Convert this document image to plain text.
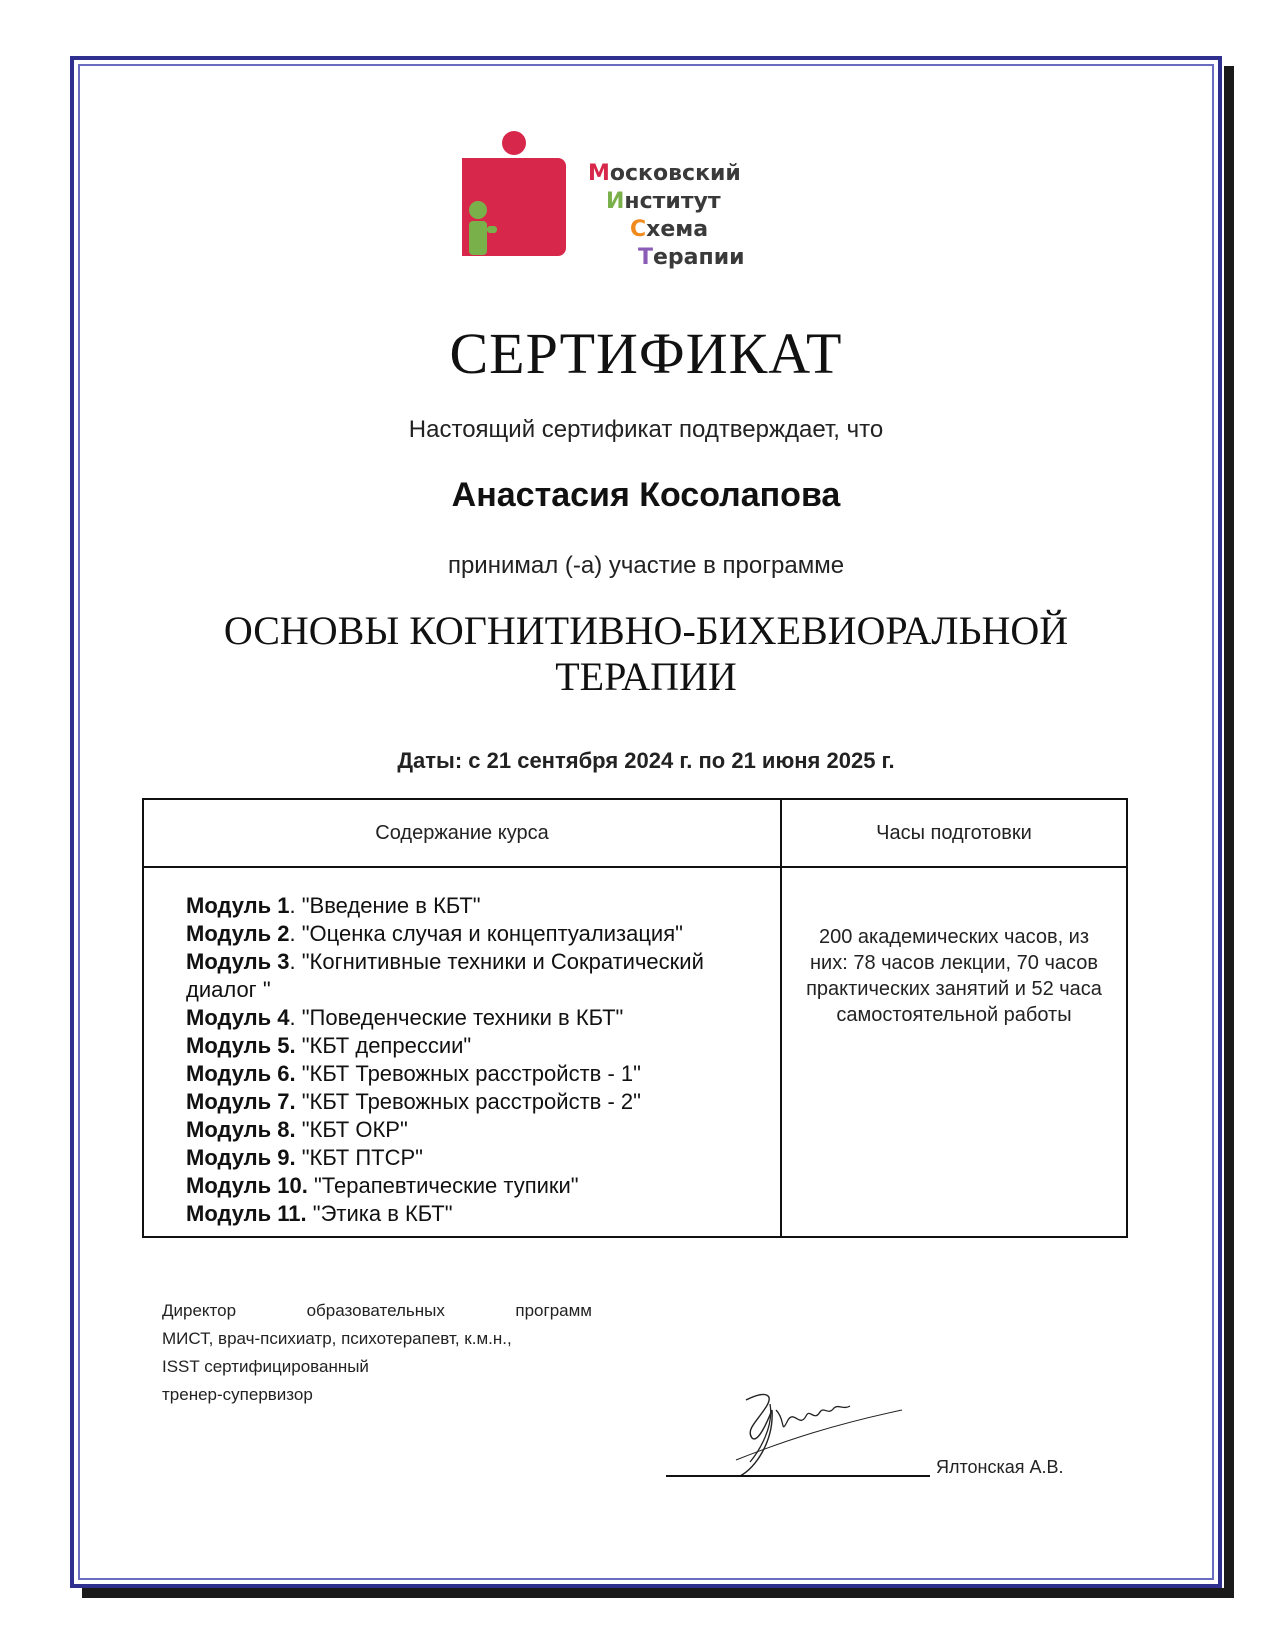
Московский
Институт
Схема
Терапии
СЕРТИФИКАТ
Настоящий сертификат подтверждает, что
Анастасия Косолапова
принимал (-а) участие в программе
ОСНОВЫ КОГНИТИВНО-БИХЕВИОРАЛЬНОЙ
ТЕРАПИИ
Даты: с 21 сентября 2024 г. по 21 июня 2025 г.
Содержание курса	Часы подготовки
Модуль 1. "Введение в КБТ"
Модуль 2. "Оценка случая и концептуализация"
Модуль 3. "Когнитивные техники и Сократический диалог "
Модуль 4. "Поведенческие техники в КБТ"
Модуль 5. "КБТ депрессии"
Модуль 6. "КБТ Тревожных расстройств - 1"
Модуль 7. "КБТ Тревожных расстройств - 2"
Модуль 8. "КБТ ОКР"
Модуль 9. "КБТ ПТСР"
Модуль 10. "Терапевтические тупики"
Модуль 11. "Этика в КБТ"
200 академических часов, из них: 78 часов лекции, 70 часов практических занятий и 52 часа самостоятельной работы

Директор образовательных программ

МИСТ, врач-психиатр, психотерапевт, к.м.н.,

ISST сертифицированный

тренер-супервизор

Ялтонская А.В.
